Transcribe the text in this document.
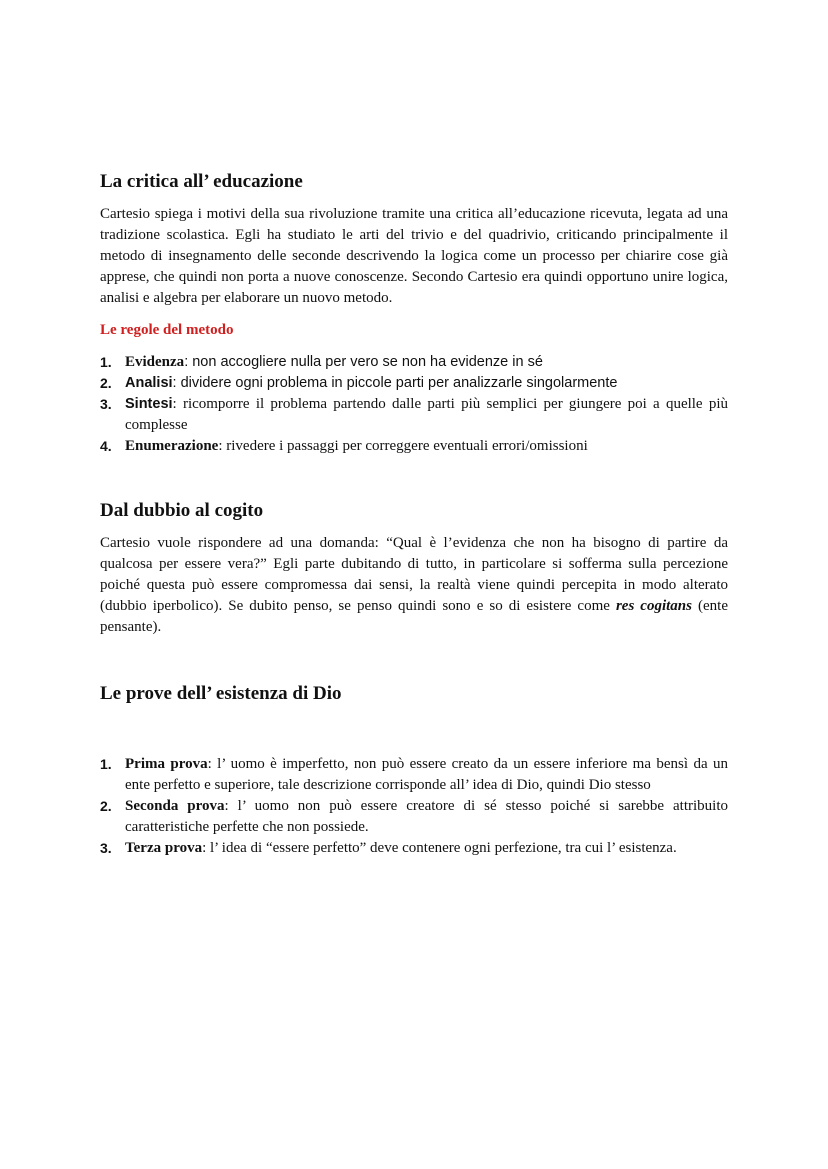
La critica all’ educazione

Cartesio spiega i motivi della sua rivoluzione tramite una critica all’educazione ricevuta, legata ad una tradizione scolastica. Egli ha studiato le arti del trivio e del quadrivio, criticando principalmente il metodo di insegnamento delle seconde descrivendo la logica come un processo per chiarire cose già apprese, che quindi non porta a nuove conoscenze. Secondo Cartesio era quindi opportuno unire logica, analisi e algebra per elaborare un nuovo metodo.

Le regole del metodo
1. Evidenza: non accogliere nulla per vero se non ha evidenze in sé
2. Analisi: dividere ogni problema in piccole parti per analizzarle singolarmente
3. Sintesi: ricomporre il problema partendo dalle parti più semplici per giungere poi a quelle più complesse
4. Enumerazione: rivedere i passaggi per correggere eventuali errori/omissioni
Dal dubbio al cogito

Cartesio vuole rispondere ad una domanda: “Qual è l’evidenza che non ha bisogno di partire da qualcosa per essere vera?” Egli parte dubitando di tutto, in particolare si sofferma sulla percezione poiché questa può essere compromessa dai sensi, la realtà viene quindi percepita in modo alterato (dubbio iperbolico). Se dubito penso, se penso quindi sono e so di esistere come res cogitans (ente pensante).

Le prove dell’ esistenza di Dio
1. Prima prova: l’ uomo è imperfetto, non può essere creato da un essere inferiore ma bensì da un ente perfetto e superiore, tale descrizione corrisponde all’ idea di Dio, quindi Dio stesso
2. Seconda prova: l’ uomo non può essere creatore di sé stesso poiché si sarebbe attribuito caratteristiche perfette che non possiede.
3. Terza prova: l’ idea di “essere perfetto” deve contenere ogni perfezione, tra cui l’ esistenza.
